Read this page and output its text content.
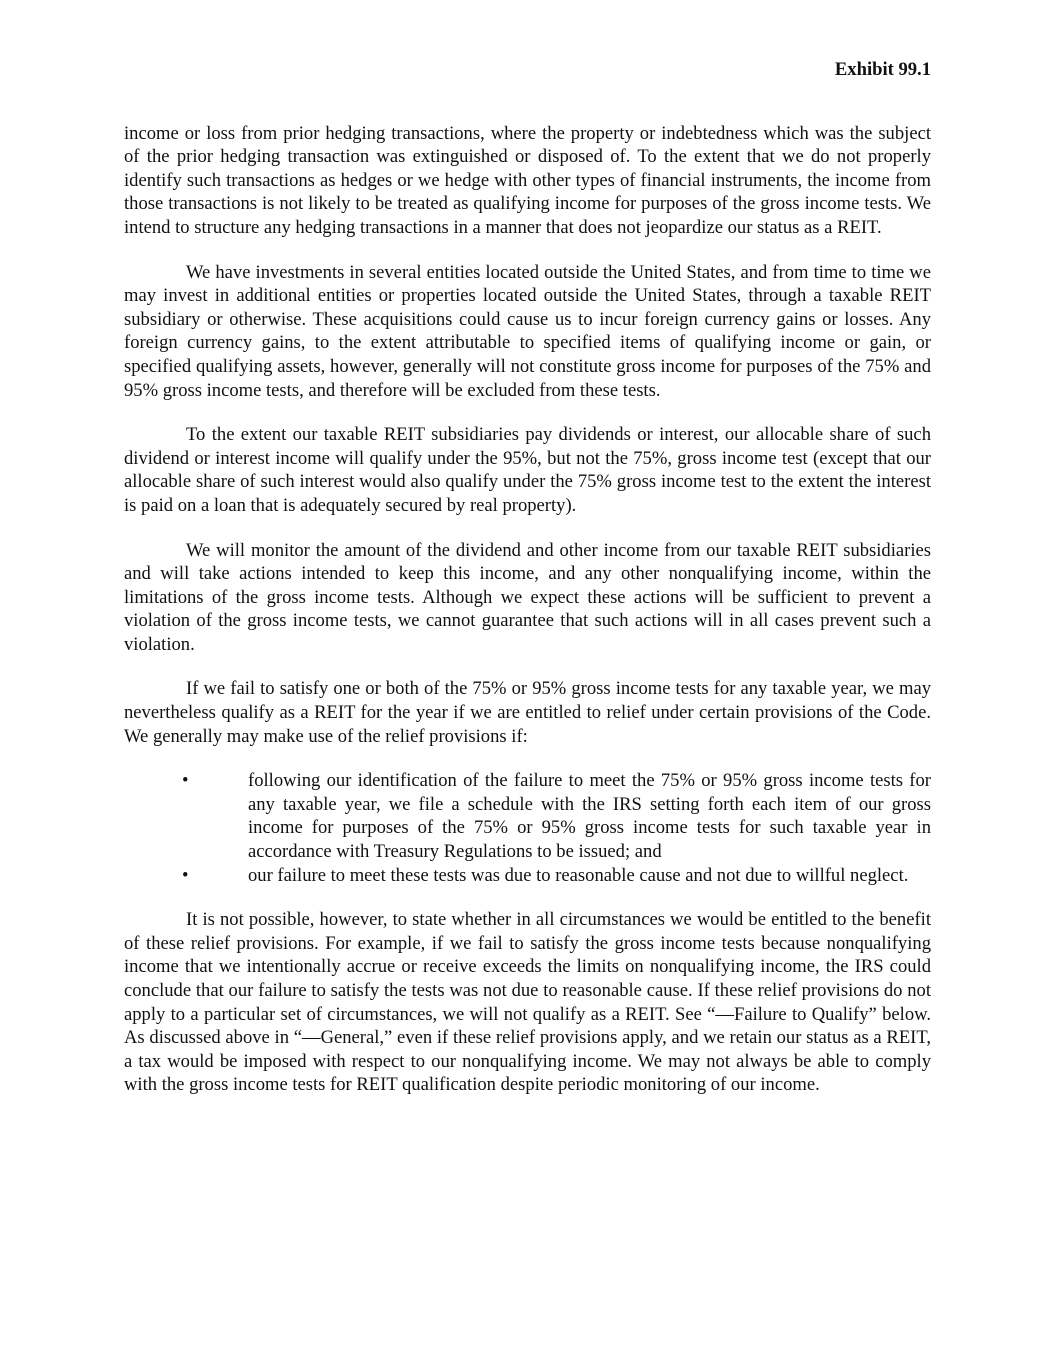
Exhibit 99.1

income or loss from prior hedging transactions, where the property or indebtedness which was the subject of the prior hedging transaction was extinguished or disposed of. To the extent that we do not properly identify such transactions as hedges or we hedge with other types of financial instruments, the income from those transactions is not likely to be treated as qualifying income for purposes of the gross income tests. We intend to structure any hedging transactions in a manner that does not jeopardize our status as a REIT.

We have investments in several entities located outside the United States, and from time to time we may invest in additional entities or properties located outside the United States, through a taxable REIT subsidiary or otherwise. These acquisitions could cause us to incur foreign currency gains or losses. Any foreign currency gains, to the extent attributable to specified items of qualifying income or gain, or specified qualifying assets, however, generally will not constitute gross income for purposes of the 75% and 95% gross income tests, and therefore will be excluded from these tests.

To the extent our taxable REIT subsidiaries pay dividends or interest, our allocable share of such dividend or interest income will qualify under the 95%, but not the 75%, gross income test (except that our allocable share of such interest would also qualify under the 75% gross income test to the extent the interest is paid on a loan that is adequately secured by real property).

We will monitor the amount of the dividend and other income from our taxable REIT subsidiaries and will take actions intended to keep this income, and any other nonqualifying income, within the limitations of the gross income tests. Although we expect these actions will be sufficient to prevent a violation of the gross income tests, we cannot guarantee that such actions will in all cases prevent such a violation.

If we fail to satisfy one or both of the 75% or 95% gross income tests for any taxable year, we may nevertheless qualify as a REIT for the year if we are entitled to relief under certain provisions of the Code. We generally may make use of the relief provisions if:

•	following our identification of the failure to meet the 75% or 95% gross income tests for any taxable year, we file a schedule with the IRS setting forth each item of our gross income for purposes of the 75% or 95% gross income tests for such taxable year in accordance with Treasury Regulations to be issued; and
•	our failure to meet these tests was due to reasonable cause and not due to willful neglect.

It is not possible, however, to state whether in all circumstances we would be entitled to the benefit of these relief provisions. For example, if we fail to satisfy the gross income tests because nonqualifying income that we intentionally accrue or receive exceeds the limits on nonqualifying income, the IRS could conclude that our failure to satisfy the tests was not due to reasonable cause. If these relief provisions do not apply to a particular set of circumstances, we will not qualify as a REIT. See “—Failure to Qualify” below. As discussed above in “—General,” even if these relief provisions apply, and we retain our status as a REIT, a tax would be imposed with respect to our nonqualifying income. We may not always be able to comply with the gross income tests for REIT qualification despite periodic monitoring of our income.
